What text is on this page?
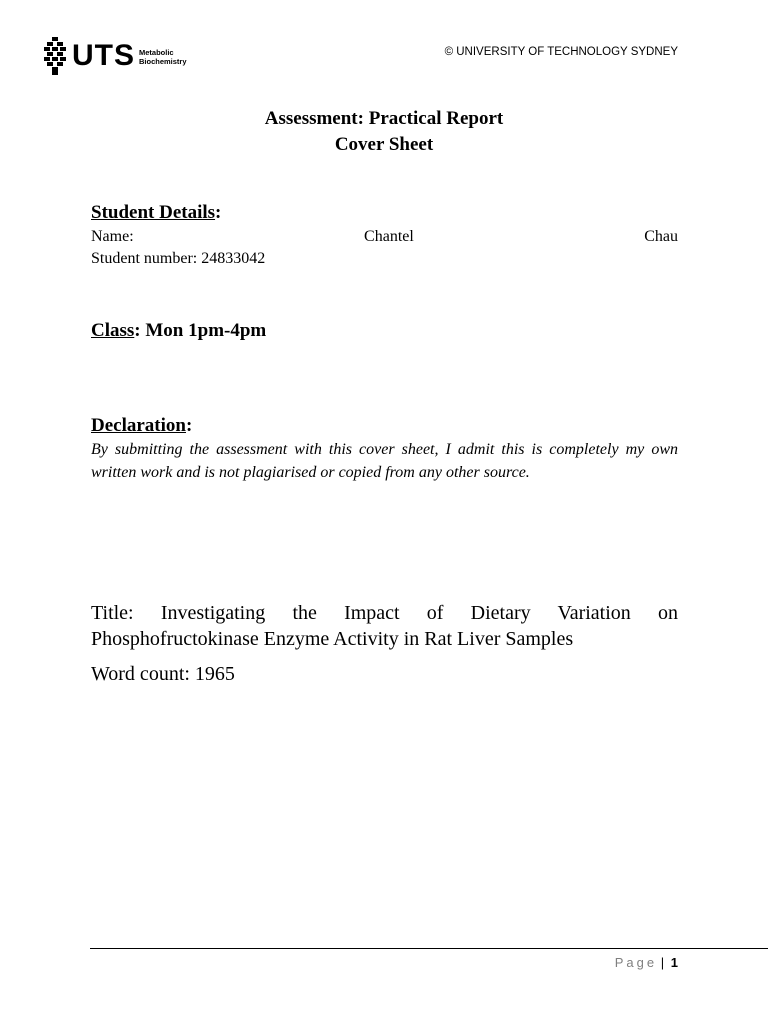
UTS Metabolic
Biochemistry
© UNIVERSITY OF TECHNOLOGY SYDNEY
Assessment: Practical Report
Cover Sheet
Student Details:
Name:	Chantel	Chau
Student number: 24833042
Class: Mon 1pm-4pm
Declaration:
By submitting the assessment with this cover sheet, I admit this is completely my own written work and is not plagiarised or copied from any other source.
Title: Investigating the Impact of Dietary Variation on Phosphofructokinase Enzyme Activity in Rat Liver Samples
Word count: 1965
Page | 1
